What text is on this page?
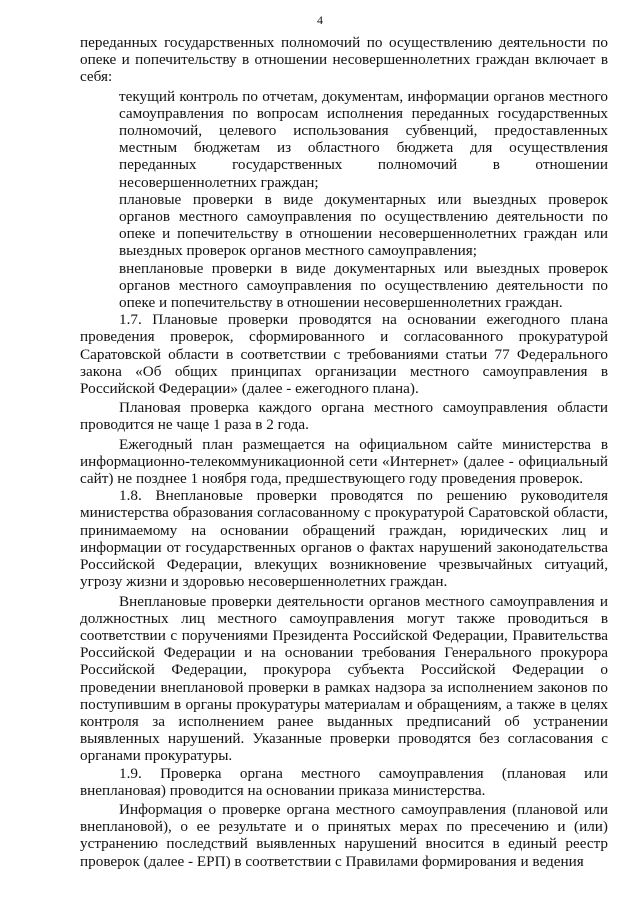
4

переданных государственных полномочий по осуществлению деятельности по опеке и попечительству в отношении несовершеннолетних граждан включает в себя:

текущий контроль по отчетам, документам, информации органов местного самоуправления по вопросам исполнения переданных государственных полномочий, целевого использования субвенций, предоставленных местным бюджетам из областного бюджета для осуществления переданных государственных полномочий в отношении несовершеннолетних граждан;

плановые проверки в виде документарных или выездных проверок органов местного самоуправления по осуществлению деятельности по опеке и попечительству в отношении несовершеннолетних граждан или выездных проверок органов местного самоуправления;

внеплановые проверки в виде документарных или выездных проверок органов местного самоуправления по осуществлению деятельности по опеке и попечительству в отношении несовершеннолетних граждан.

1.7. Плановые проверки проводятся на основании ежегодного плана проведения проверок, сформированного и согласованного прокуратурой Саратовской области в соответствии с требованиями статьи 77 Федерального закона «Об общих принципах организации местного самоуправления в Российской Федерации» (далее - ежегодного плана).

Плановая проверка каждого органа местного самоуправления области проводится не чаще 1 раза в 2 года.

Ежегодный план размещается на официальном сайте министерства в информационно-телекоммуникационной сети «Интернет» (далее - официальный сайт) не позднее 1 ноября года, предшествующего году проведения проверок.

1.8. Внеплановые проверки проводятся по решению руководителя министерства образования согласованному с прокуратурой Саратовской области, принимаемому на основании обращений граждан, юридических лиц и информации от государственных органов о фактах нарушений законодательства Российской Федерации, влекущих возникновение чрезвычайных ситуаций, угрозу жизни и здоровью несовершеннолетних граждан.

Внеплановые проверки деятельности органов местного самоуправления и должностных лиц местного самоуправления могут также проводиться в соответствии с поручениями Президента Российской Федерации, Правительства Российской Федерации и на основании требования Генерального прокурора Российской Федерации, прокурора субъекта Российской Федерации о проведении внеплановой проверки в рамках надзора за исполнением законов по поступившим в органы прокуратуры материалам и обращениям, а также в целях контроля за исполнением ранее выданных предписаний об устранении выявленных нарушений. Указанные проверки проводятся без согласования с органами прокуратуры.

1.9. Проверка органа местного самоуправления (плановая или внеплановая) проводится на основании приказа министерства.

Информация о проверке органа местного самоуправления (плановой или внеплановой), о ее результате и о принятых мерах по пресечению и (или) устранению последствий выявленных нарушений вносится в единый реестр проверок (далее - ЕРП) в соответствии с Правилами формирования и ведения
